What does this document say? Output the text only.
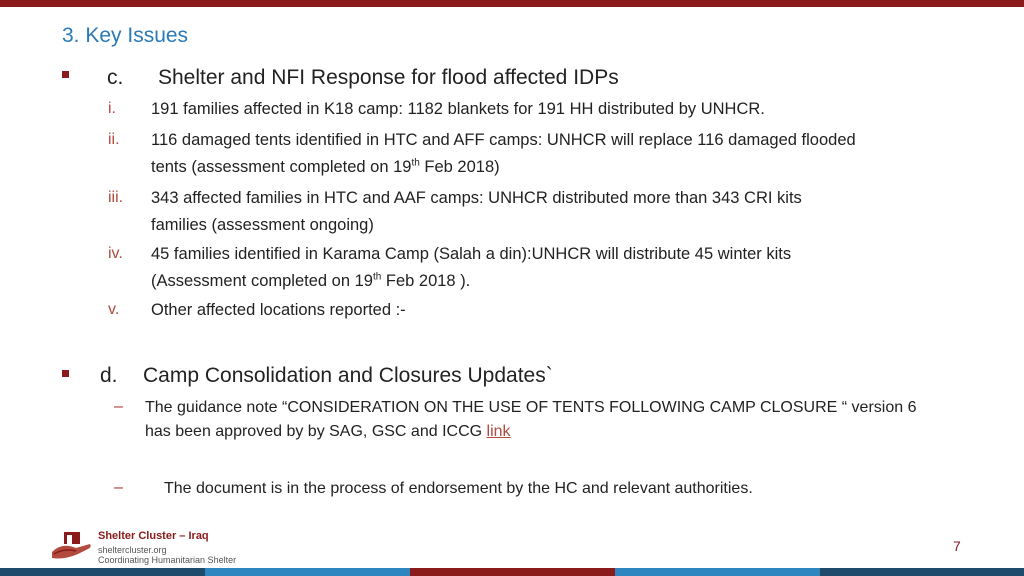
3. Key Issues
c. Shelter and NFI Response for flood affected IDPs
i. 191 families affected in K18 camp: 1182 blankets for 191 HH distributed by UNHCR.
ii. 116 damaged tents identified in HTC and AFF camps: UNHCR will replace 116 damaged flooded
tents (assessment completed on 19th Feb 2018)
iii. 343 affected families in HTC and AAF camps: UNHCR distributed more than 343 CRI kits
families (assessment ongoing)
iv. 45 families identified in Karama Camp (Salah a din):UNHCR will distribute 45 winter kits
(Assessment completed on 19th Feb 2018 ).
v. Other affected locations reported :-
d. Camp Consolidation and Closures Updates`
– The guidance note “CONSIDERATION ON THE USE OF TENTS FOLLOWING CAMP CLOSURE “ version 6
has been approved by by SAG, GSC and ICCG link
–	The document is in the process of endorsement by the HC and relevant authorities.
Shelter Cluster – Iraq
sheltercluster.org
Coordinating Humanitarian Shelter
7
